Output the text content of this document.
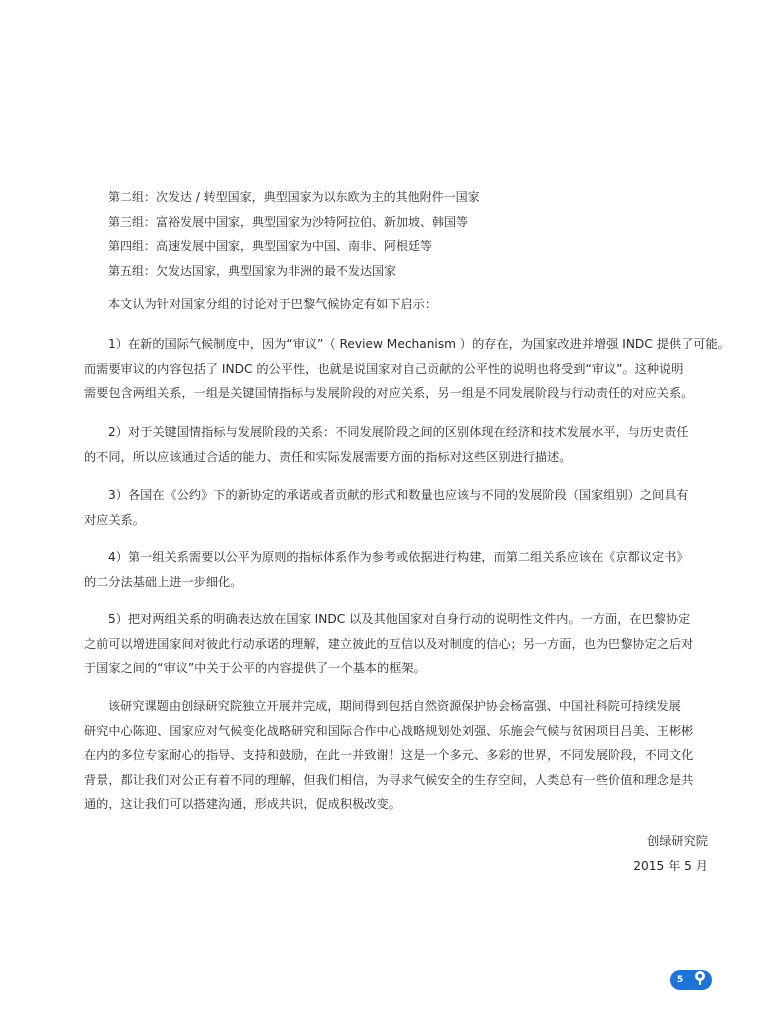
第二组：次发达 / 转型国家，典型国家为以东欧为主的其他附件一国家
第三组：富裕发展中国家，典型国家为沙特阿拉伯、新加坡、韩国等
第四组：高速发展中国家，典型国家为中国、南非、阿根廷等
第五组：欠发达国家，典型国家为非洲的最不发达国家
本文认为针对国家分组的讨论对于巴黎气候协定有如下启示：
1）在新的国际气候制度中，因为“审议”（ Review Mechanism ）的存在，为国家改进并增强 INDC 提供了可能。
而需要审议的内容包括了 INDC 的公平性，也就是说国家对自己贡献的公平性的说明也将受到“审议”。这种说明
需要包含两组关系，一组是关键国情指标与发展阶段的对应关系，另一组是不同发展阶段与行动责任的对应关系。
2）对于关键国情指标与发展阶段的关系：不同发展阶段之间的区别体现在经济和技术发展水平，与历史责任
的不同，所以应该通过合适的能力、责任和实际发展需要方面的指标对这些区别进行描述。
3）各国在《公约》下的新协定的承诺或者贡献的形式和数量也应该与不同的发展阶段（国家组别）之间具有
对应关系。
4）第一组关系需要以公平为原则的指标体系作为参考或依据进行构建，而第二组关系应该在《京都议定书》
的二分法基础上进一步细化。
5）把对两组关系的明确表达放在国家 INDC 以及其他国家对自身行动的说明性文件内。一方面，在巴黎协定
之前可以增进国家间对彼此行动承诺的理解，建立彼此的互信以及对制度的信心；另一方面，也为巴黎协定之后对
于国家之间的“审议”中关于公平的内容提供了一个基本的框架。
该研究课题由创绿研究院独立开展并完成，期间得到包括自然资源保护协会杨富强、中国社科院可持续发展
研究中心陈迎、国家应对气候变化战略研究和国际合作中心战略规划处刘强、乐施会气候与贫困项目吕美、王彬彬
在内的多位专家耐心的指导、支持和鼓励，在此一并致谢！这是一个多元、多彩的世界，不同发展阶段，不同文化
背景，都让我们对公正有着不同的理解，但我们相信，为寻求气候安全的生存空间，人类总有一些价值和理念是共
通的，这让我们可以搭建沟通，形成共识，促成积极改变。
创绿研究院
2015 年 5 月
5
